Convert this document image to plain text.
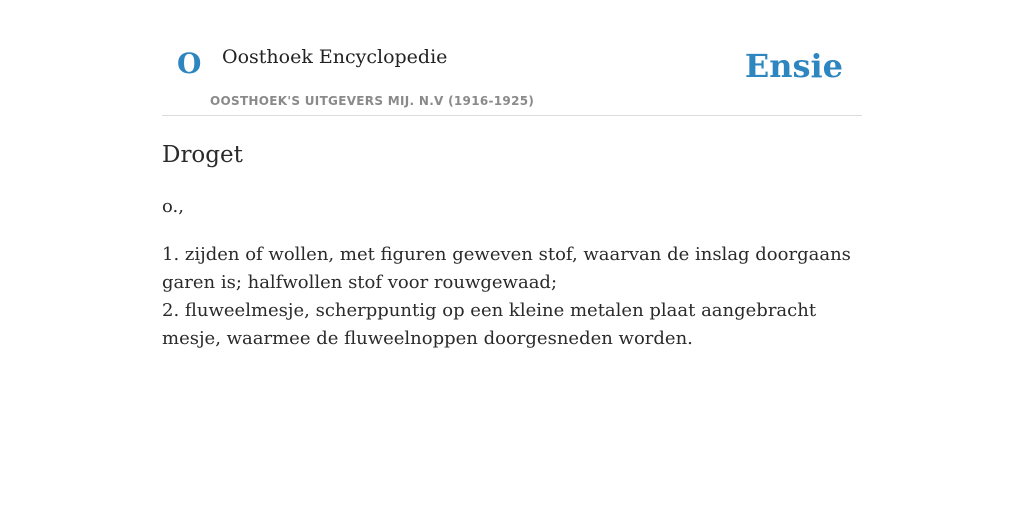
O Oosthoek Encyclopedie
OOSTHOEK'S UITGEVERS MIJ. N.V (1916-1925)
Ensie
Droget

o.,

1. zijden of wollen, met figuren geweven stof, waarvan de inslag doorgaans garen is; halfwollen stof voor rouwgewaad;
2. fluweelmesje, scherppuntig op een kleine metalen plaat aangebracht mesje, waarmee de fluweelnoppen doorgesneden worden.
